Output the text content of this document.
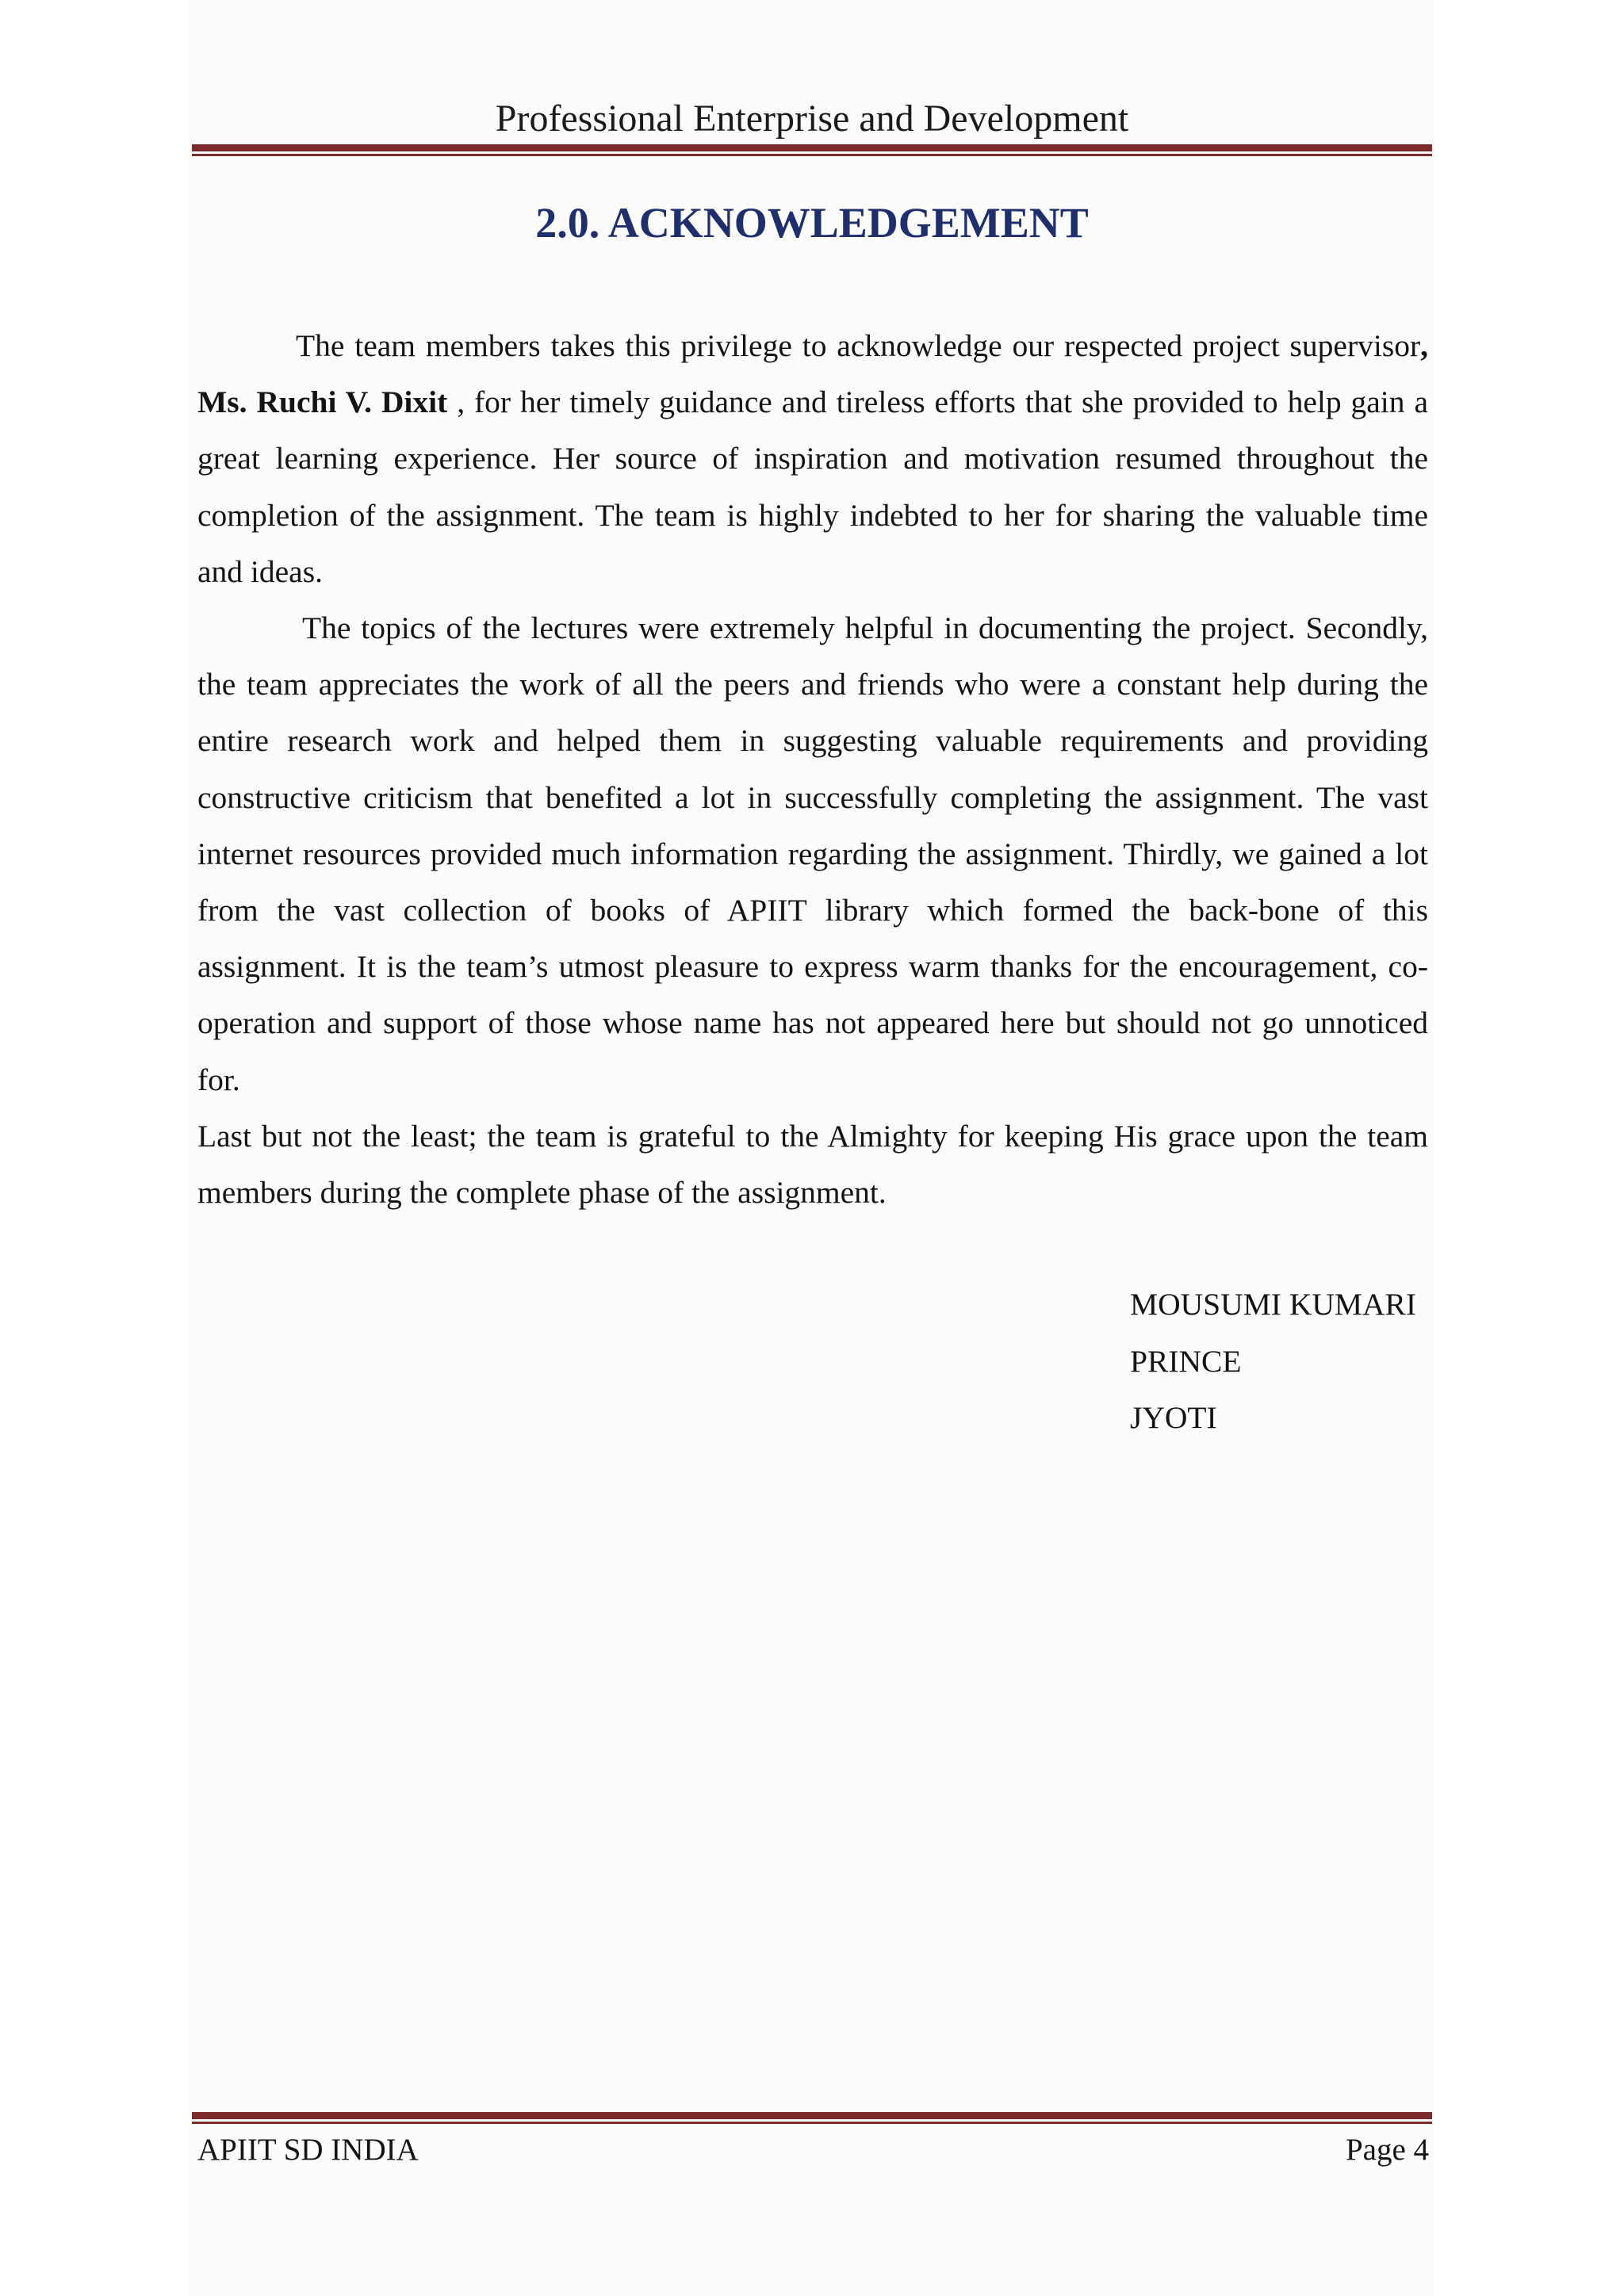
Professional Enterprise and Development
2.0. ACKNOWLEDGEMENT

The team members takes this privilege to acknowledge our respected project supervisor, Ms. Ruchi V. Dixit , for her timely guidance and tireless efforts that she provided to help gain a great learning experience. Her source of inspiration and motivation resumed throughout the completion of the assignment. The team is highly indebted to her for sharing the valuable time and ideas.

The topics of the lectures were extremely helpful in documenting the project. Secondly, the team appreciates the work of all the peers and friends who were a constant help during the entire research work and helped them in suggesting valuable requirements and providing constructive criticism that benefited a lot in successfully completing the assignment. The vast internet resources provided much information regarding the assignment. Thirdly, we gained a lot from the vast collection of books of APIIT library which formed the back-bone of this assignment. It is the team’s utmost pleasure to express warm thanks for the encouragement, co-operation and support of those whose name has not appeared here but should not go unnoticed for.

Last but not the least; the team is grateful to the Almighty for keeping His grace upon the team members during the complete phase of the assignment.

MOUSUMI KUMARI
PRINCE
JYOTI
APIIT SD INDIA	Page 4
